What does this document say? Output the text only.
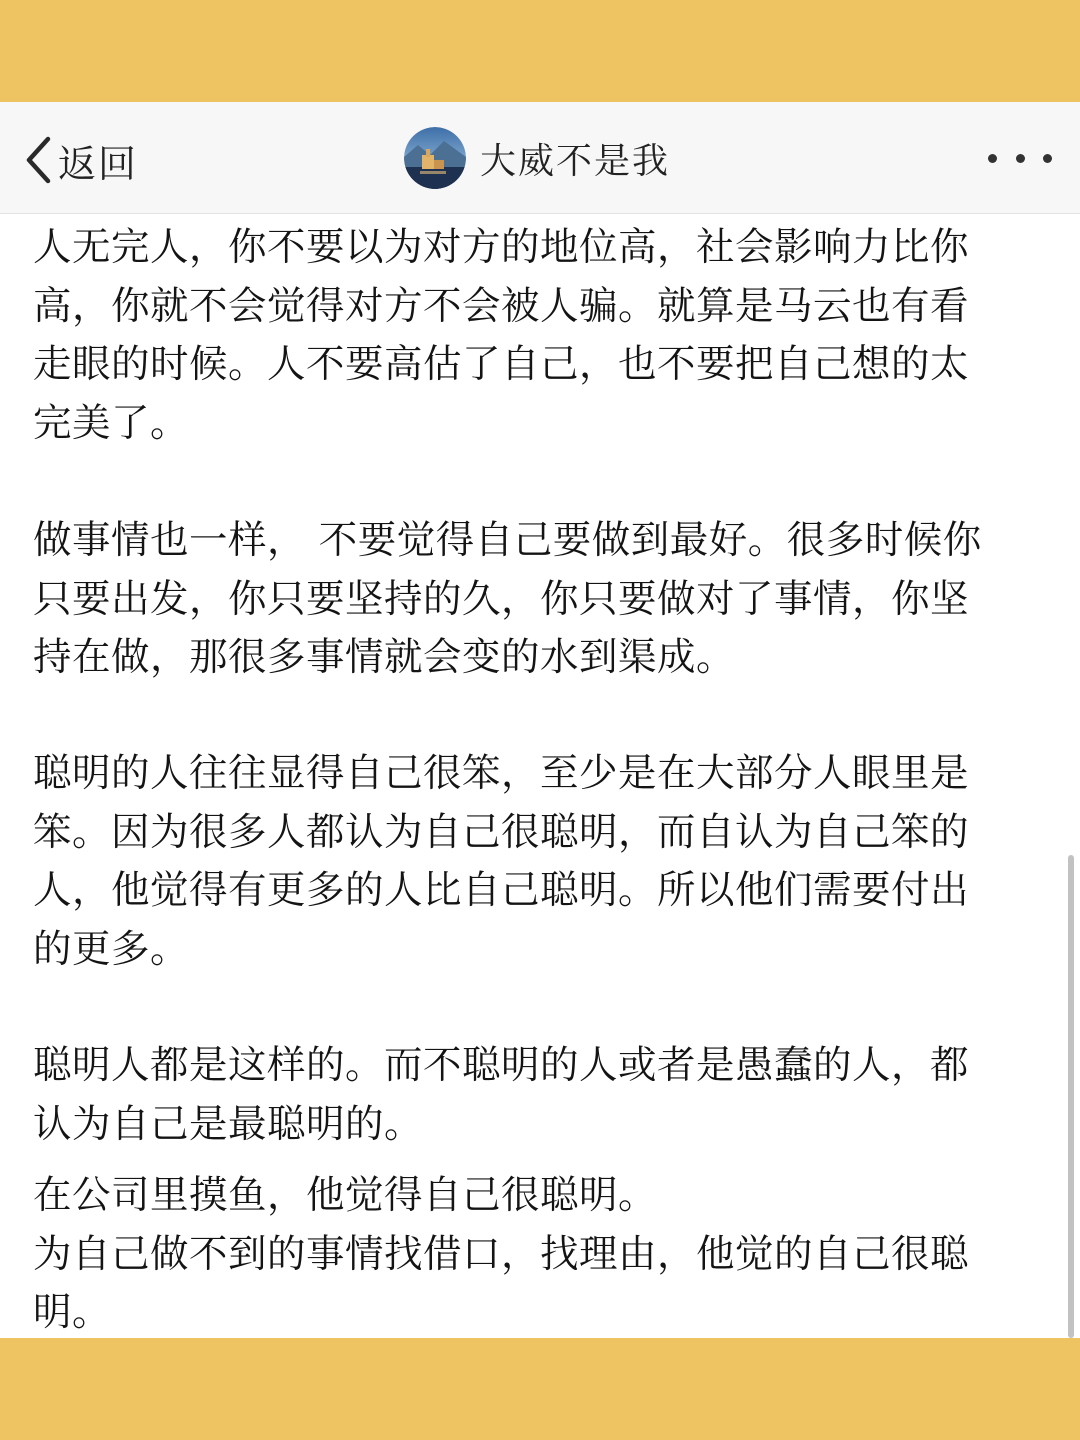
返回	大威不是我

人无完人，你不要以为对方的地位高，社会影响力比你
高，你就不会觉得对方不会被人骗。就算是马云也有看
走眼的时候。人不要高估了自己，也不要把自己想的太
完美了。

做事情也一样， 不要觉得自己要做到最好。很多时候你
只要出发，你只要坚持的久，你只要做对了事情，你坚
持在做，那很多事情就会变的水到渠成。

聪明的人往往显得自己很笨，至少是在大部分人眼里是
笨。因为很多人都认为自己很聪明，而自认为自己笨的
人，他觉得有更多的人比自己聪明。所以他们需要付出
的更多。

聪明人都是这样的。而不聪明的人或者是愚蠢的人，都
认为自己是最聪明的。

在公司里摸鱼，他觉得自己很聪明。
为自己做不到的事情找借口，找理由，他觉的自己很聪
明。
